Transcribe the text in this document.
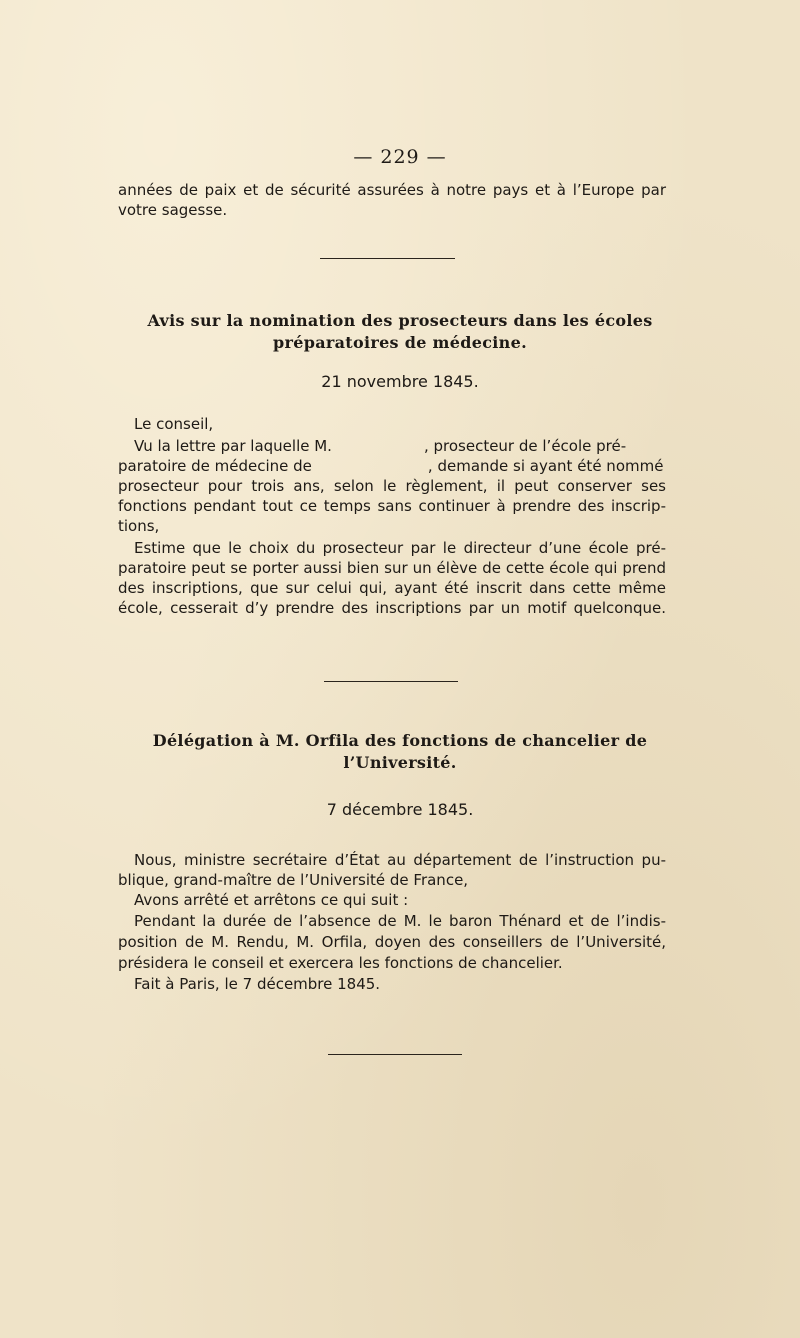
— 229 —
années de paix et de sécurité assurées à notre pays et à l’Europe par
votre sagesse.
Avis sur la nomination des prosecteurs dans les écoles
préparatoires de médecine.
21 novembre 1845.
Le conseil,
Vu la lettre par laquelle M.	, prosecteur de l’école pré-
paratoire de médecine de	, demande si ayant été nommé
prosecteur pour trois ans, selon le règlement, il peut conserver ses
fonctions pendant tout ce temps sans continuer à prendre des inscrip-
tions,
Estime que le choix du prosecteur par le directeur d’une école pré-
paratoire peut se porter aussi bien sur un élève de cette école qui prend
des inscriptions, que sur celui qui, ayant été inscrit dans cette même
école, cesserait d’y prendre des inscriptions par un motif quelconque.
Délégation à M. Orfila des fonctions de chancelier de
l’Université.
7 décembre 1845.
Nous, ministre secrétaire d’État au département de l’instruction pu-
blique, grand-maître de l’Université de France,
Avons arrêté et arrêtons ce qui suit :
Pendant la durée de l’absence de M. le baron Thénard et de l’indis-
position de M. Rendu, M. Orfila, doyen des conseillers de l’Université,
présidera le conseil et exercera les fonctions de chancelier.
Fait à Paris, le 7 décembre 1845.
